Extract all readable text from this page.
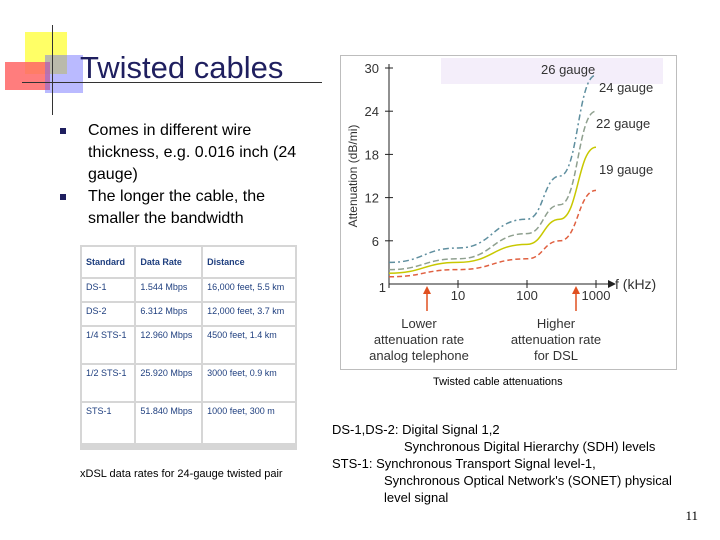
Twisted cables
Comes in different wire thickness, e.g. 0.016 inch (24 gauge)
The longer the cable, the smaller the bandwidth
Standard	Data Rate	Distance
DS-1	1.544 Mbps	16,000 feet, 5.5 km
DS-2	6.312 Mbps	12,000 feet, 3.7 km
1/4 STS-1	12.960 Mbps	4500 feet, 1.4 km
1/2 STS-1	25.920 Mbps	3000 feet, 0.9 km
STS-1	51.840 Mbps	1000 feet, 300 m
xDSL data rates for 24-gauge twisted pair
30
24
18
12
6
1
10	100	1000
Attenuation (dB/mi)
f (kHz)
26 gauge
24 gauge
22 gauge
19 gauge
Lower
attenuation rate
analog telephone
Higher
attenuation rate
for DSL
Twisted cable attenuations
DS-1,DS-2: Digital Signal 1,2
Synchronous Digital Hierarchy (SDH) levels
STS-1: Synchronous Transport Signal level-1,
Synchronous Optical Network's (SONET) physical
level signal
11
